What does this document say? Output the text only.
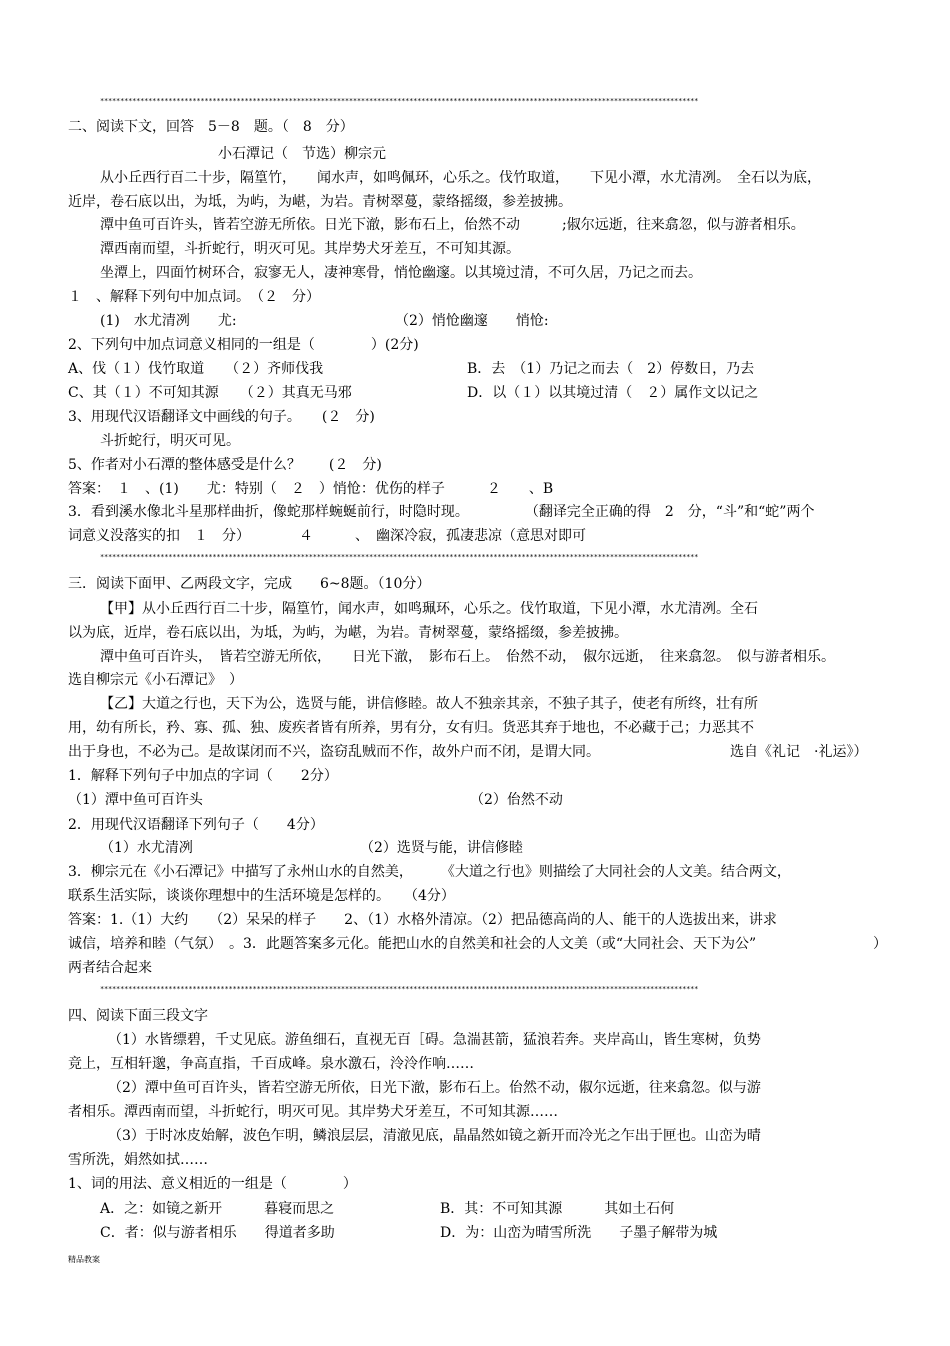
*****************************************************************************************************************************************************
二、阅读下文，回答　5－8　题。（　8　分）
小石潭记（　节选）柳宗元
从小丘西行百二十步，隔篁竹，　　闻水声，如鸣佩环，心乐之。伐竹取道，　　下见小潭，水尤清冽。　全石以为底，
近岸，卷石底以出，为坻，为屿，为嵁，为岩。青树翠蔓，蒙络摇缀，参差披拂。
潭中鱼可百许头，皆若空游无所依。日光下澈，影布石上，佁然不动　　　;俶尔远逝，往来翕忽，似与游者相乐。
潭西南而望，斗折蛇行，明灭可见。其岸势犬牙差互，不可知其源。
坐潭上，四面竹树环合，寂寥无人，凄神寒骨，悄怆幽邃。以其境过清，不可久居，乃记之而去。
１　、解释下列句中加点词。　（２　分）
(1)　水尤清冽　　尤:	（2）悄怆幽邃　　悄怆:
2、下列句中加点词意义相同的一组是（　　　　）(2分)
A、伐（１）伐竹取道　　（２）齐师伐我	B．去　（1）乃记之而去（　2）停数日，乃去
C、其（１）不可知其源　　（２）其真无马邪	D．以（１）以其境过清（　２）属作文以记之
3、用现代汉语翻译文中画线的句子。　　(２　分)
斗折蛇行，明灭可见。
5、作者对小石潭的整体感受是什么？　　(２　分)
答案：　１　、(1)　　尤：特别（　２　）悄怆：优伤的样子　　　２　　、B
3．看到溪水像北斗星那样曲折，像蛇那样蜿蜒前行，时隐时现。　　　　　（翻译完全正确的得　2　分，“斗”和“蛇”两个
词意义没落实的扣　１　分）　　　　４　　　、　幽深冷寂，孤凄悲凉（意思对即可
*****************************************************************************************************************************************************
三．阅读下面甲、乙两段文字，完成　　6~8题。（10分）
【甲】从小丘西行百二十步，隔篁竹，闻水声，如鸣珮环，心乐之。伐竹取道，下见小潭，水尤清冽。全石
以为底，近岸，卷石底以出，为坻，为屿，为嵁，为岩。青树翠蔓，蒙络摇缀，参差披拂。
潭中鱼可百许头，　皆若空游无所依，　　日光下澈，　影布石上。　佁然不动，　俶尔远逝，　往来翕忽。　似与游者相乐。
选自柳宗元《小石潭记》　）
【乙】大道之行也，天下为公，选贤与能，讲信修睦。故人不独亲其亲，不独子其子，使老有所终，壮有所
用，幼有所长，矜、寡、孤、独、废疾者皆有所养，男有分，女有归。货恶其弃于地也，不必藏于己；力恶其不
出于身也，不必为己。是故谋闭而不兴，盗窃乱贼而不作，故外户而不闭，是谓大同。	选自《礼记　·礼运》）
1．解释下列句子中加点的字词（　　2分）
（1）潭中鱼可百许头	（2）佁然不动
2．用现代汉语翻译下列句子（　　4分）
（1）水尤清冽	（2）选贤与能，讲信修睦
3．柳宗元在《小石潭记》中描写了永州山水的自然美，　　　《大道之行也》则描绘了大同社会的人文美。结合两文，
联系生活实际，谈谈你理想中的生活环境是怎样的。　　（4分）
答案：1.（1）大约　　（2）呆呆的样子　　2、（1）水格外清凉。（2）把品德高尚的人、能干的人选拔出来，讲求
诚信，培养和睦（气氛）　。3．此题答案多元化。能把山水的自然美和社会的人文美（或“大同社会、天下为公”	）
两者结合起来
*****************************************************************************************************************************************************
四、阅读下面三段文字
（1）水皆缥碧，千丈见底。游鱼细石，直视无百［碍。急湍甚箭，猛浪若奔。夹岸高山，皆生寒树，负势
竞上，互相轩邈，争高直指，千百成峰。泉水激石，泠泠作响……
（2）潭中鱼可百许头，皆若空游无所依，日光下澈，影布石上。佁然不动，俶尔远逝，往来翕忽。似与游
者相乐。潭西南而望，斗折蛇行，明灭可见。其岸势犬牙差互，不可知其源……
（3）于时冰皮始解，波色乍明，鳞浪层层，清澈见底，晶晶然如镜之新开而冷光之乍出于匣也。山峦为晴
雪所洗，娟然如拭……
1、词的用法、意义相近的一组是（　　　　）
A．之：如镜之新开　　　暮寝而思之	B．其：不可知其源　　　其如土石何
C．者：似与游者相乐　　得道者多助	D．为：山峦为晴雪所洗　　子墨子解带为城
精品教案
